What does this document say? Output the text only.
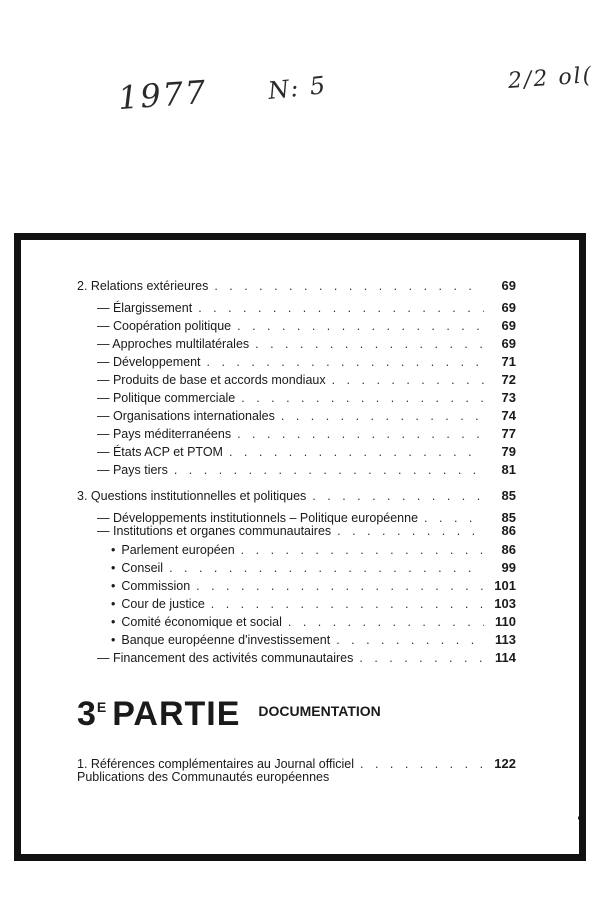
1977 N: 5	2/2 ol(
2. Relations extérieures . . .	69
— Élargissement . . .	69
— Coopération politique . . .	69
— Approches multilatérales . . .	69
— Développement . . .	71
— Produits de base et accords mondiaux . . .	72
— Politique commerciale . . .	73
— Organisations internationales . . .	74
— Pays méditerranéens . . .	77
— États ACP et PTOM . . .	79
— Pays tiers . . .	81
3. Questions institutionnelles et politiques . . .	85
— Développements institutionnels – Politique européenne . . .	85
— Institutions et organes communautaires . . .	86
• Parlement européen . . .	86
• Conseil . . .	99
• Commission . . .	101
• Cour de justice . . .	103
• Comité économique et social . . .	110
• Banque européenne d'investissement . . .	113
— Financement des activités communautaires . . .	114
1. Références complémentaires au Journal officiel . . .	122
3 E PARTIE DOCUMENTATION
Publications des Communautés européennes
